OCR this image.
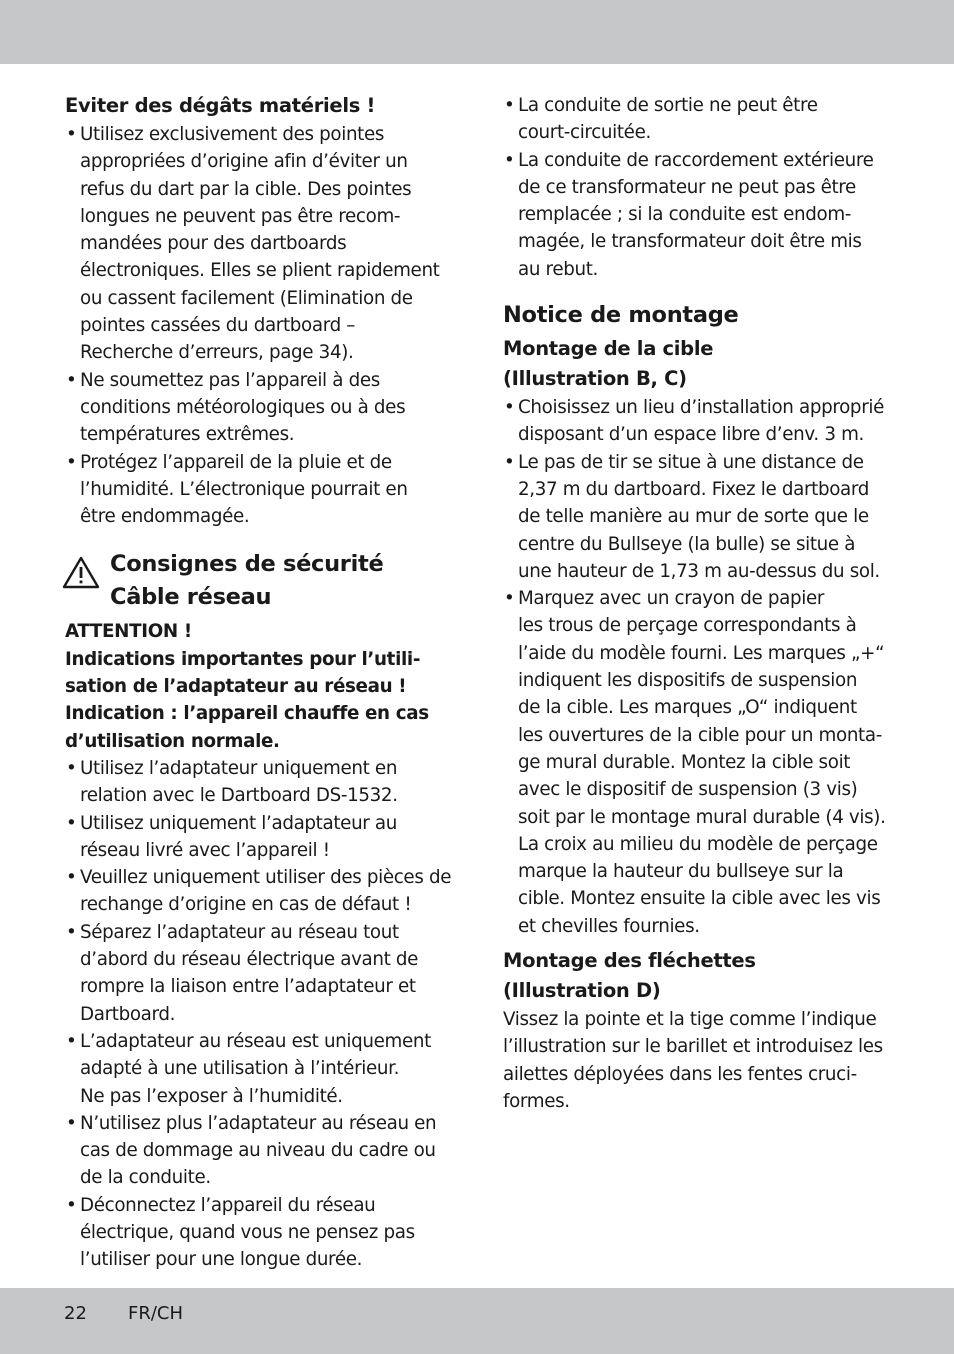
Eviter des dégâts matériels !
• Utilisez exclusivement des pointes
appropriées d’origine afin d’éviter un
refus du dart par la cible. Des pointes
longues ne peuvent pas être recom-
mandées pour des dartboards
électroniques. Elles se plient rapidement
ou cassent facilement (Elimination de
pointes cassées du dartboard –
Recherche d’erreurs, page 34).
• Ne soumettez pas l’appareil à des
conditions météorologiques ou à des
températures extrêmes.
• Protégez l’appareil de la pluie et de
l’humidité. L’électronique pourrait en
être endommagée.
Consignes de sécurité
Câble réseau

ATTENTION !

Indications importantes pour l’utili-
sation de l’adaptateur au réseau !

Indication : l’appareil chauffe en cas
d’utilisation normale.

• Utilisez l’adaptateur uniquement en
relation avec le Dartboard DS-1532.
• Utilisez uniquement l’adaptateur au
réseau livré avec l’appareil !
• Veuillez uniquement utiliser des pièces de
rechange d’origine en cas de défaut !
• Séparez l’adaptateur au réseau tout
d’abord du réseau électrique avant de
rompre la liaison entre l’adaptateur et
Dartboard.
• L’adaptateur au réseau est uniquement
adapté à une utilisation à l’intérieur.
Ne pas l’exposer à l’humidité.
• N’utilisez plus l’adaptateur au réseau en
cas de dommage au niveau du cadre ou
de la conduite.
• Déconnectez l’appareil du réseau
électrique, quand vous ne pensez pas
l’utiliser pour une longue durée.
• La conduite de sortie ne peut être
court-circuitée.
• La conduite de raccordement extérieure
de ce transformateur ne peut pas être
remplacée ; si la conduite est endom-
magée, le transformateur doit être mis
au rebut.
Notice de montage
Montage de la cible
(Illustration B, C)
• Choisissez un lieu d’installation approprié
disposant d’un espace libre d’env. 3 m.
• Le pas de tir se situe à une distance de
2,37 m du dartboard. Fixez le dartboard
de telle manière au mur de sorte que le
centre du Bullseye (la bulle) se situe à
une hauteur de 1,73 m au-dessus du sol.
• Marquez avec un crayon de papier
les trous de perçage correspondants à
l’aide du modèle fourni. Les marques „+“
indiquent les dispositifs de suspension
de la cible. Les marques „O“ indiquent
les ouvertures de la cible pour un monta-
ge mural durable. Montez la cible soit
avec le dispositif de suspension (3 vis)
soit par le montage mural durable (4 vis).
La croix au milieu du modèle de perçage
marque la hauteur du bullseye sur la
cible. Montez ensuite la cible avec les vis
et chevilles fournies.
Montage des fléchettes
(Illustration D)

Vissez la pointe et la tige comme l’indique
l’illustration sur le barillet et introduisez les
ailettes déployées dans les fentes cruci-
formes.

22 FR/CH
